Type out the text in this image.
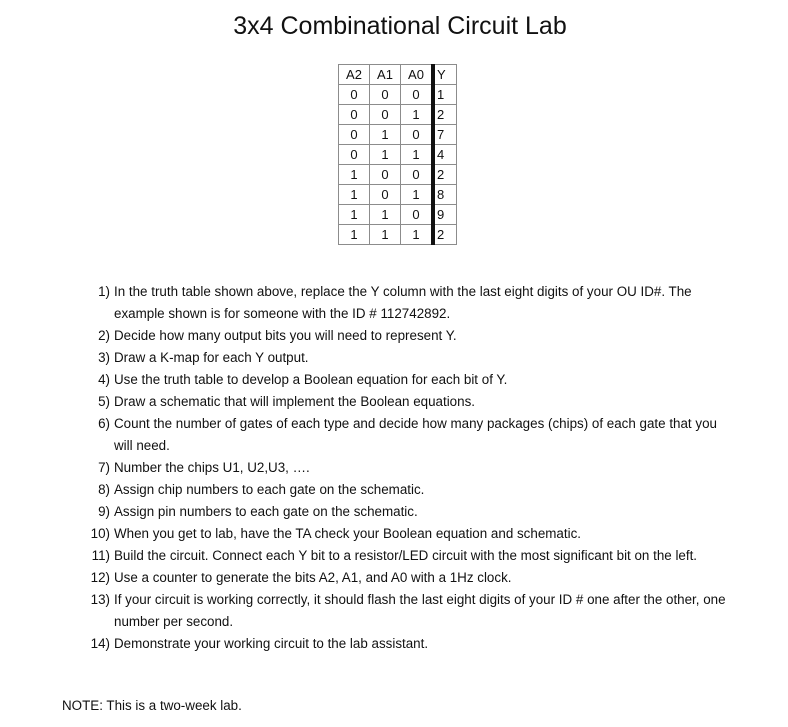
3x4 Combinational Circuit Lab
A2	A1	A0	Y
0	0	0	1
0	0	1	2
0	1	0	7
0	1	1	4
1	0	0	2
1	0	1	8
1	1	0	9
1	1	1	2
1) In the truth table shown above, replace the Y column with the last eight digits of your OU ID#. The example shown is for someone with the ID # 112742892.
2) Decide how many output bits you will need to represent Y.
3) Draw a K-map for each Y output.
4) Use the truth table to develop a Boolean equation for each bit of Y.
5) Draw a schematic that will implement the Boolean equations.
6) Count the number of gates of each type and decide how many packages (chips) of each gate that you will need.
7) Number the chips U1, U2,U3, ….
8) Assign chip numbers to each gate on the schematic.
9) Assign pin numbers to each gate on the schematic.
10) When you get to lab, have the TA check your Boolean equation and schematic.
11) Build the circuit. Connect each Y bit to a resistor/LED circuit with the most significant bit on the left.
12) Use a counter to generate the bits A2, A1, and A0 with a 1Hz clock.
13) If your circuit is working correctly, it should flash the last eight digits of your ID # one after the other, one number per second.
14) Demonstrate your working circuit to the lab assistant.
NOTE: This is a two-week lab.
